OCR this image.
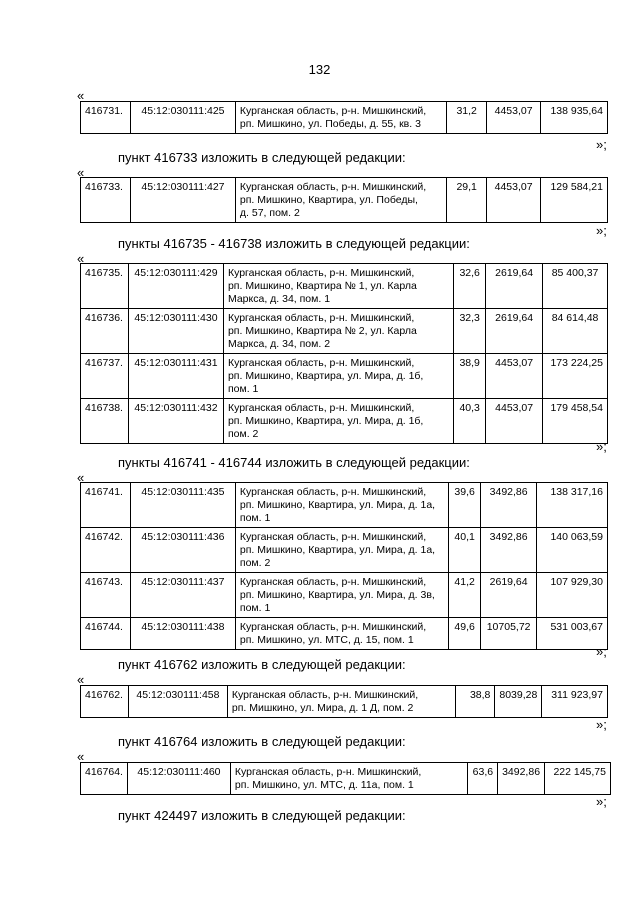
132
«
416731.	45:12:030111:425	Курганская область, р-н. Мишкинский,
рп. Мишкино, ул. Победы, д. 55, кв. 3
	31,2	4453,07	138 935,64
»;
пункт 416733 изложить в следующей редакции:
«
416733.	45:12:030111:427	Курганская область, р-н. Мишкинский,
рп. Мишкино, Квартира, ул. Победы,
д. 57, пом. 2
	29,1	4453,07	129 584,21
»;
пункты 416735 - 416738 изложить в следующей редакции:
«
416735.	45:12:030111:429	Курганская область, р-н. Мишкинский,
рп. Мишкино, Квартира № 1, ул. Карла
Маркса, д. 34, пом. 1	32,6	2619,64	85 400,37
416736.	45:12:030111:430	Курганская область, р-н. Мишкинский,
рп. Мишкино, Квартира № 2, ул. Карла
Маркса, д. 34, пом. 2	32,3	2619,64	84 614,48
416737.	45:12:030111:431	Курганская область, р-н. Мишкинский,
рп. Мишкино, Квартира, ул. Мира, д. 1б,
пом. 1	38,9	4453,07	173 224,25
416738.	45:12:030111:432	Курганская область, р-н. Мишкинский,
рп. Мишкино, Квартира, ул. Мира, д. 1б,
пом. 2	40,3	4453,07	179 458,54
»;
пункты 416741 - 416744 изложить в следующей редакции:
«
416741.	45:12:030111:435	Курганская область, р-н. Мишкинский,
рп. Мишкино, Квартира, ул. Мира, д. 1а,
пом. 1	39,6	3492,86	138 317,16
416742.	45:12:030111:436	Курганская область, р-н. Мишкинский,
рп. Мишкино, Квартира, ул. Мира, д. 1а,
пом. 2	40,1	3492,86	140 063,59
416743.	45:12:030111:437	Курганская область, р-н. Мишкинский,
рп. Мишкино, Квартира, ул. Мира, д. 3в,
пом. 1	41,2	2619,64	107 929,30
416744.	45:12:030111:438	Курганская область, р-н. Мишкинский,
рп. Мишкино, ул. МТС, д. 15, пом. 1	49,6	10705,72	531 003,67
»;
пункт 416762 изложить в следующей редакции:
«
416762.	45:12:030111:458	Курганская область, р-н. Мишкинский,
рп. Мишкино, ул. Мира, д. 1 Д, пом. 2
	38,8	8039,28	311 923,97
»;
пункт 416764 изложить в следующей редакции:
«
416764.	45:12:030111:460	Курганская область, р-н. Мишкинский,
рп. Мишкино, ул. МТС, д. 11а, пом. 1
	63,6	3492,86	222 145,75
»;
пункт 424497 изложить в следующей редакции:
